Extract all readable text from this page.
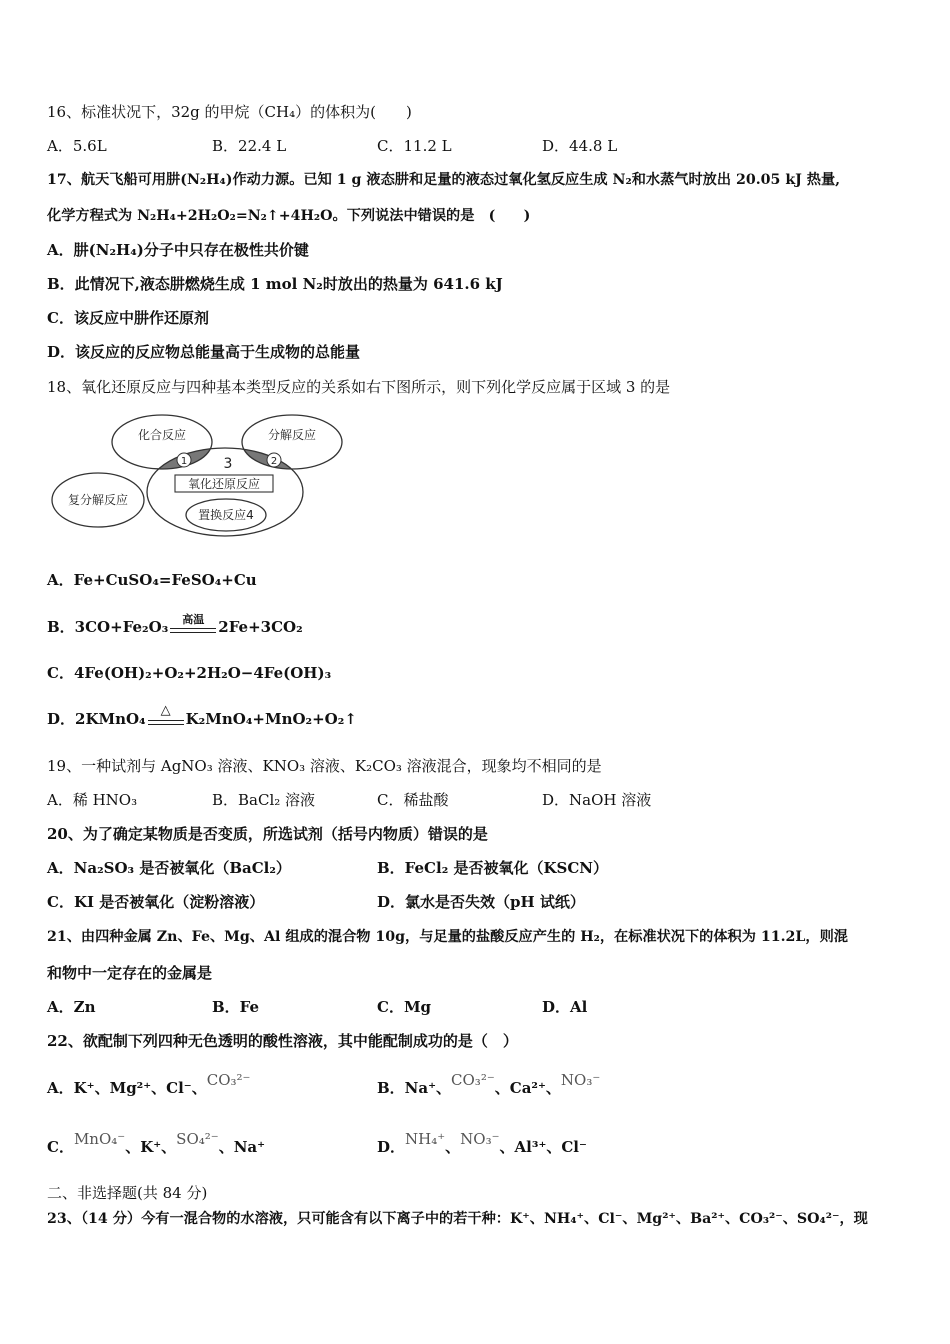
16、标准状况下，32g 的甲烷（CH₄）的体积为(　　)
A．5.6L	B．22.4 L	C．11.2 L	D．44.8 L
17、航天飞船可用肼(N₂H₄)作动力源。已知 1 g 液态肼和足量的液态过氧化氢反应生成 N₂和水蒸气时放出 20.05 kJ 热量,
化学方程式为 N₂H₄+2H₂O₂=N₂↑+4H₂O。下列说法中错误的是　(　　)
A．肼(N₂H₄)分子中只存在极性共价键
B．此情况下,液态肼燃烧生成 1 mol N₂时放出的热量为 641.6 kJ
C．该反应中肼作还原剂
D．该反应的反应物总能量高于生成物的总能量
18、氧化还原反应与四种基本类型反应的关系如右下图所示，则下列化学反应属于区域 3 的是
化合反应	分解反应
复分解反应
氧化还原反应
置换反应4
1	2
3
A．Fe+CuSO₄=FeSO₄+Cu
B．3CO+Fe₂O₃	高温 2Fe+3CO₂
C．4Fe(OH)₂+O₂+2H₂O−4Fe(OH)₃
D．2KMnO₄	△	K₂MnO₄+MnO₂+O₂↑
19、一种试剂与 AgNO₃ 溶液、KNO₃ 溶液、K₂CO₃ 溶液混合，现象均不相同的是
A．稀 HNO₃	B．BaCl₂ 溶液	C．稀盐酸	D．NaOH 溶液
20、为了确定某物质是否变质，所选试剂（括号内物质）错误的是
A．Na₂SO₃ 是否被氧化（BaCl₂）	B．FeCl₂ 是否被氧化（KSCN）
C．KI 是否被氧化（淀粉溶液）	D．氯水是否失效（pH 试纸）
21、由四种金属 Zn、Fe、Mg、Al 组成的混合物 10g，与足量的盐酸反应产生的 H₂，在标准状况下的体积为 11.2L，则混
和物中一定存在的金属是
A．Zn	B．Fe	C．Mg	D．Al
22、欲配制下列四种无色透明的酸性溶液，其中能配制成功的是（　）
A．K⁺、Mg²⁺、Cl⁻、CO₃²⁻	B．Na⁺、CO₃²⁻、Ca²⁺、NO₃⁻
C．MnO₄⁻、K⁺、SO₄²⁻、Na⁺	D．NH₄⁺、NO₃⁻、Al³⁺、Cl⁻
二、非选择题(共 84 分)
23、（14 分）今有一混合物的水溶液，只可能含有以下离子中的若干种：K⁺、NH₄⁺、Cl⁻、Mg²⁺、Ba²⁺、CO₃²⁻、SO₄²⁻，现
